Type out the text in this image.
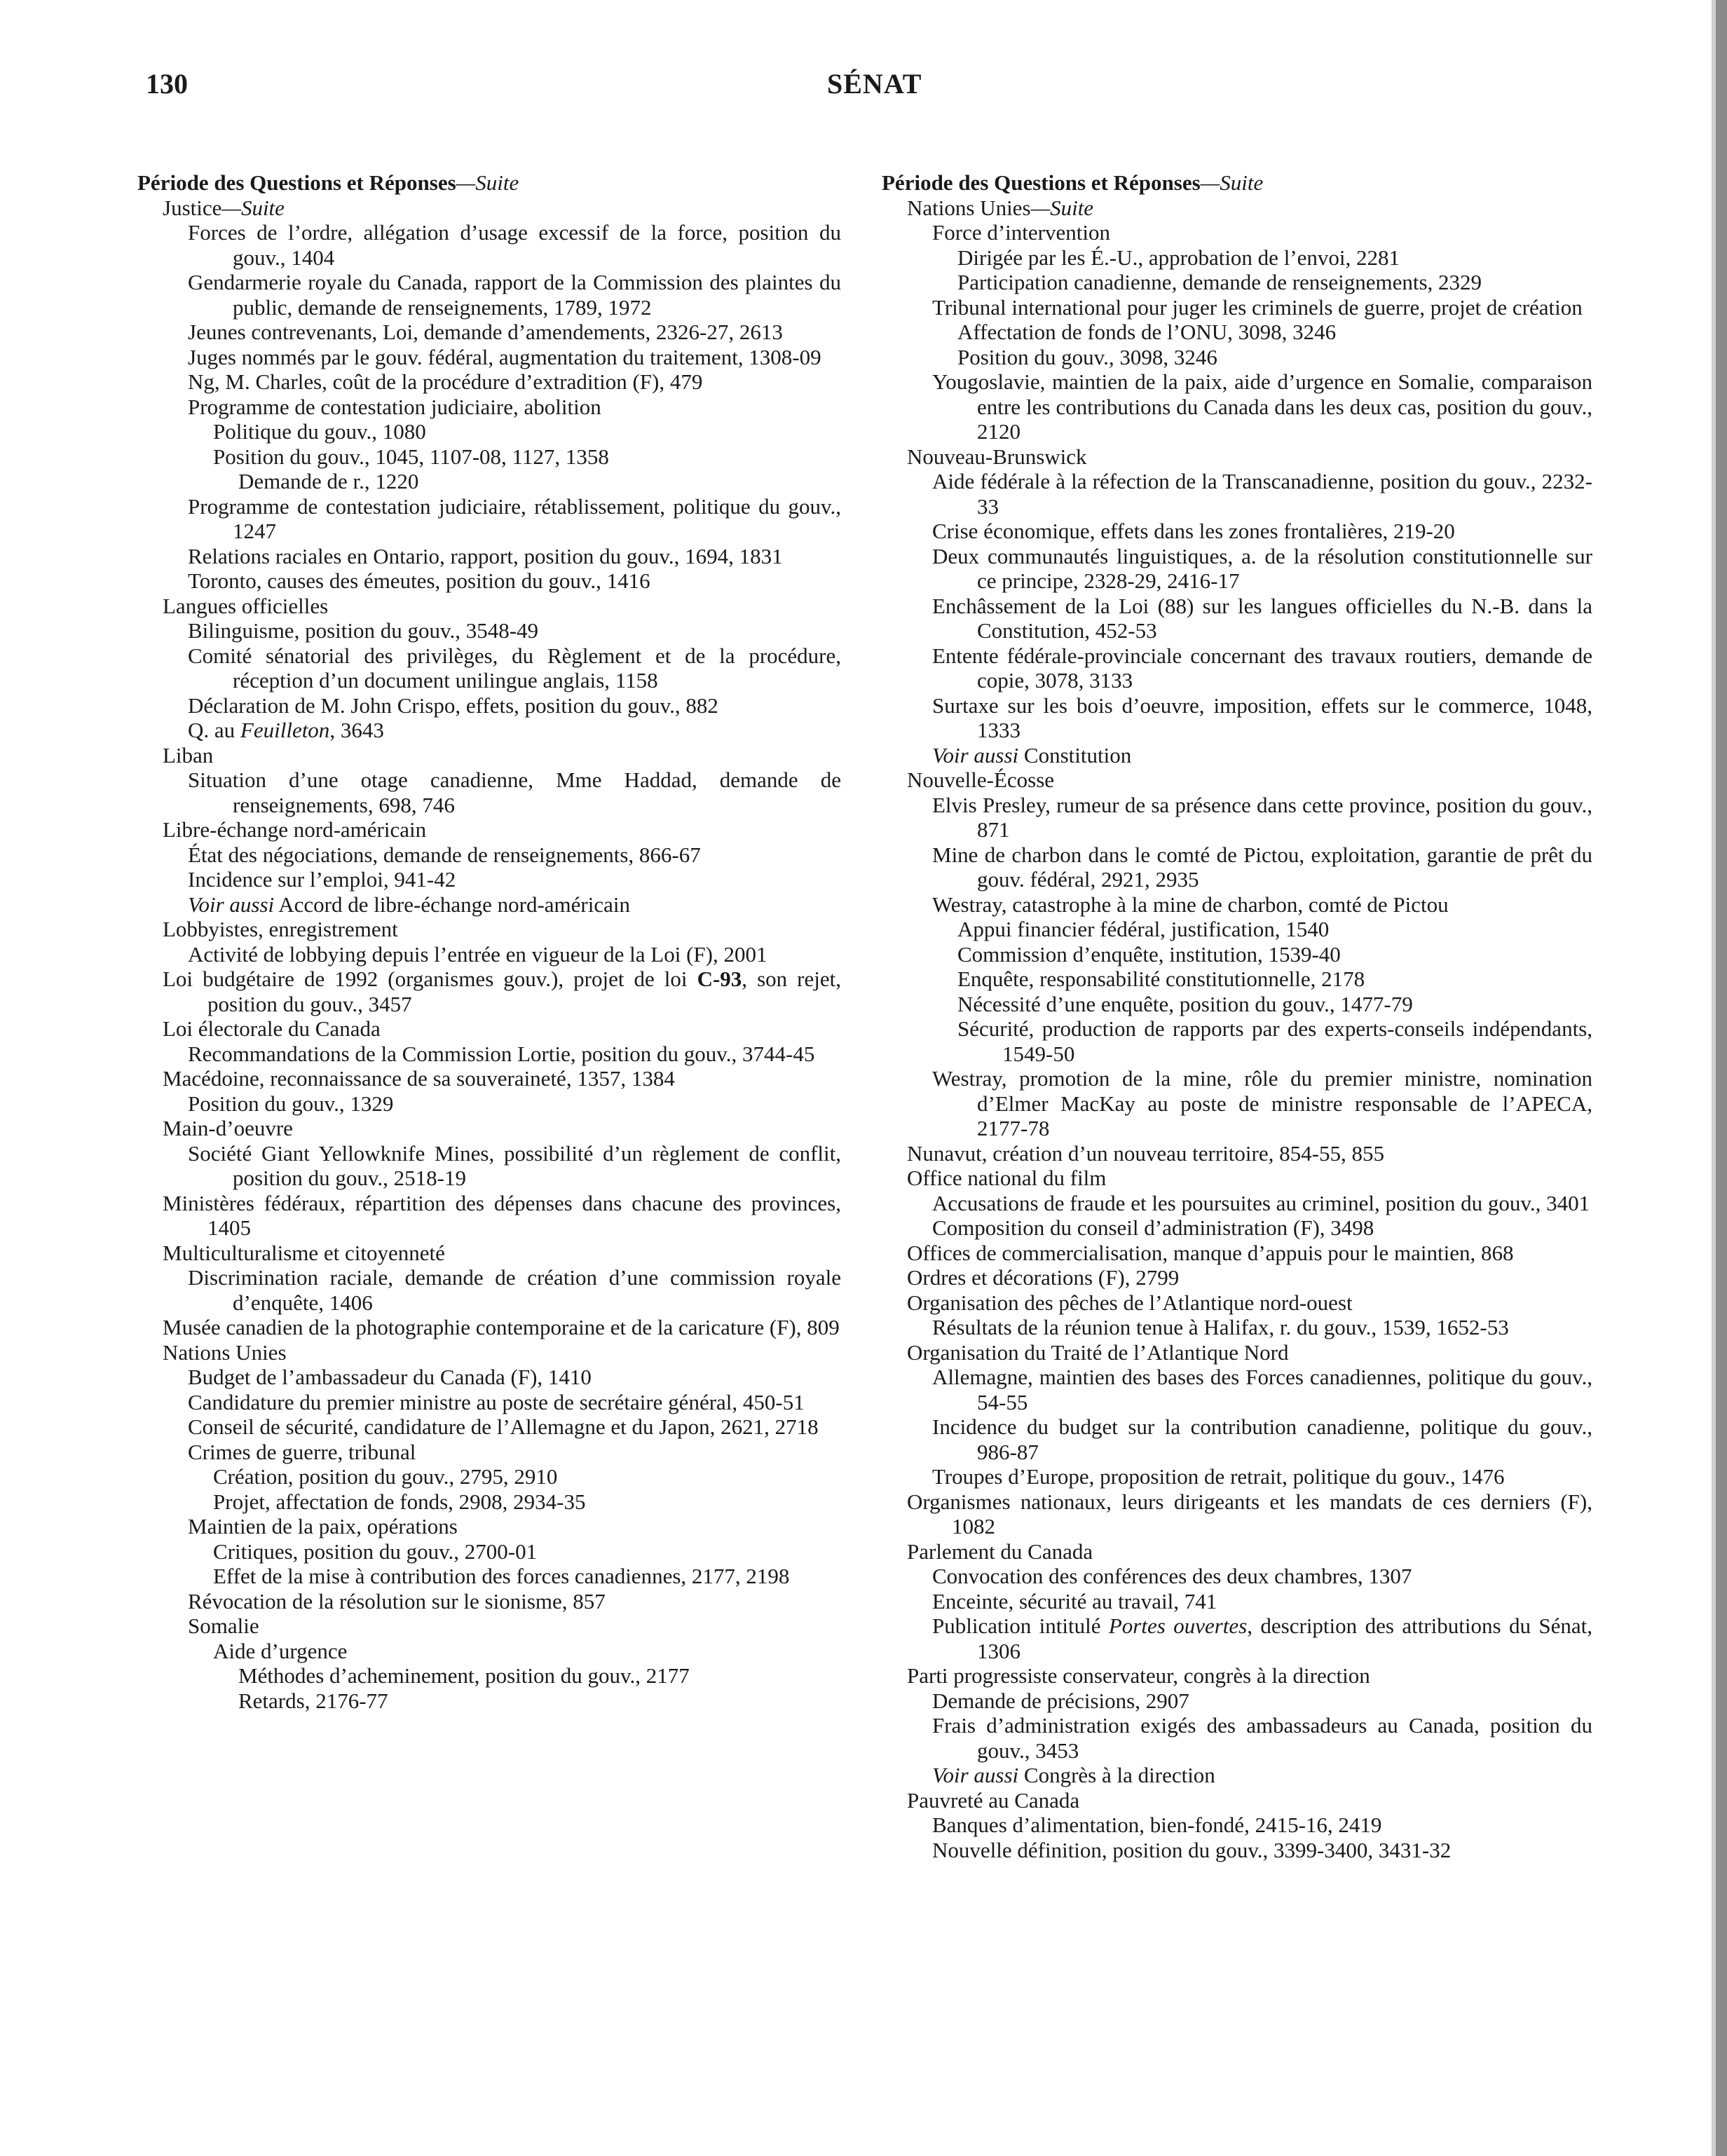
130	SÉNAT
Période des Questions et Réponses—Suite
Justice—Suite
Forces de l’ordre, allégation d’usage excessif de la force, position du gouv., 1404
Gendarmerie royale du Canada, rapport de la Commission des plaintes du public, demande de renseignements, 1789, 1972
Jeunes contrevenants, Loi, demande d’amendements, 2326-27, 2613
Juges nommés par le gouv. fédéral, augmentation du traitement, 1308-09
Ng, M. Charles, coût de la procédure d’extradition (F), 479
Programme de contestation judiciaire, abolition
Politique du gouv., 1080
Position du gouv., 1045, 1107-08, 1127, 1358
Demande de r., 1220
Programme de contestation judiciaire, rétablissement, politique du gouv., 1247
Relations raciales en Ontario, rapport, position du gouv., 1694, 1831
Toronto, causes des émeutes, position du gouv., 1416
Langues officielles
Bilinguisme, position du gouv., 3548-49
Comité sénatorial des privilèges, du Règlement et de la procédure, réception d’un document unilingue anglais, 1158
Déclaration de M. John Crispo, effets, position du gouv., 882
Q. au Feuilleton, 3643
Liban
Situation d’une otage canadienne, Mme Haddad, demande de renseignements, 698, 746
Libre-échange nord-américain
État des négociations, demande de renseignements, 866-67
Incidence sur l’emploi, 941-42
Voir aussi Accord de libre-échange nord-américain
Lobbyistes, enregistrement
Activité de lobbying depuis l’entrée en vigueur de la Loi (F), 2001
Loi budgétaire de 1992 (organismes gouv.), projet de loi C-93, son rejet, position du gouv., 3457
Loi électorale du Canada
Recommandations de la Commission Lortie, position du gouv., 3744-45
Macédoine, reconnaissance de sa souveraineté, 1357, 1384
Position du gouv., 1329
Main-d’oeuvre
Société Giant Yellowknife Mines, possibilité d’un règlement de conflit, position du gouv., 2518-19
Ministères fédéraux, répartition des dépenses dans chacune des provinces, 1405
Multiculturalisme et citoyenneté
Discrimination raciale, demande de création d’une commission royale d’enquête, 1406
Musée canadien de la photographie contemporaine et de la caricature (F), 809
Nations Unies
Budget de l’ambassadeur du Canada (F), 1410
Candidature du premier ministre au poste de secrétaire général, 450-51
Conseil de sécurité, candidature de l’Allemagne et du Japon, 2621, 2718
Crimes de guerre, tribunal
Création, position du gouv., 2795, 2910
Projet, affectation de fonds, 2908, 2934-35
Maintien de la paix, opérations
Critiques, position du gouv., 2700-01
Effet de la mise à contribution des forces canadiennes, 2177, 2198
Révocation de la résolution sur le sionisme, 857
Somalie
Aide d’urgence
Méthodes d’acheminement, position du gouv., 2177
Retards, 2176-77
Période des Questions et Réponses—Suite
Nations Unies—Suite
Force d’intervention
Dirigée par les É.-U., approbation de l’envoi, 2281
Participation canadienne, demande de renseignements, 2329
Tribunal international pour juger les criminels de guerre, projet de création
Affectation de fonds de l’ONU, 3098, 3246
Position du gouv., 3098, 3246
Yougoslavie, maintien de la paix, aide d’urgence en Somalie, comparaison entre les contributions du Canada dans les deux cas, position du gouv., 2120
Nouveau-Brunswick
Aide fédérale à la réfection de la Transcanadienne, position du gouv., 2232-33
Crise économique, effets dans les zones frontalières, 219-20
Deux communautés linguistiques, a. de la résolution constitutionnelle sur ce principe, 2328-29, 2416-17
Enchâssement de la Loi (88) sur les langues officielles du N.-B. dans la Constitution, 452-53
Entente fédérale-provinciale concernant des travaux routiers, demande de copie, 3078, 3133
Surtaxe sur les bois d’oeuvre, imposition, effets sur le commerce, 1048, 1333
Voir aussi Constitution
Nouvelle-Écosse
Elvis Presley, rumeur de sa présence dans cette province, position du gouv., 871
Mine de charbon dans le comté de Pictou, exploitation, garantie de prêt du gouv. fédéral, 2921, 2935
Westray, catastrophe à la mine de charbon, comté de Pictou
Appui financier fédéral, justification, 1540
Commission d’enquête, institution, 1539-40
Enquête, responsabilité constitutionnelle, 2178
Nécessité d’une enquête, position du gouv., 1477-79
Sécurité, production de rapports par des experts-conseils indépendants, 1549-50
Westray, promotion de la mine, rôle du premier ministre, nomination d’Elmer MacKay au poste de ministre responsable de l’APECA, 2177-78
Nunavut, création d’un nouveau territoire, 854-55, 855
Office national du film
Accusations de fraude et les poursuites au criminel, position du gouv., 3401
Composition du conseil d’administration (F), 3498
Offices de commercialisation, manque d’appuis pour le maintien, 868
Ordres et décorations (F), 2799
Organisation des pêches de l’Atlantique nord-ouest
Résultats de la réunion tenue à Halifax, r. du gouv., 1539, 1652-53
Organisation du Traité de l’Atlantique Nord
Allemagne, maintien des bases des Forces canadiennes, politique du gouv., 54-55
Incidence du budget sur la contribution canadienne, politique du gouv., 986-87
Troupes d’Europe, proposition de retrait, politique du gouv., 1476
Organismes nationaux, leurs dirigeants et les mandats de ces derniers (F), 1082
Parlement du Canada
Convocation des conférences des deux chambres, 1307
Enceinte, sécurité au travail, 741
Publication intitulé Portes ouvertes, description des attributions du Sénat, 1306
Parti progressiste conservateur, congrès à la direction
Demande de précisions, 2907
Frais d’administration exigés des ambassadeurs au Canada, position du gouv., 3453
Voir aussi Congrès à la direction
Pauvreté au Canada
Banques d’alimentation, bien-fondé, 2415-16, 2419
Nouvelle définition, position du gouv., 3399-3400, 3431-32
